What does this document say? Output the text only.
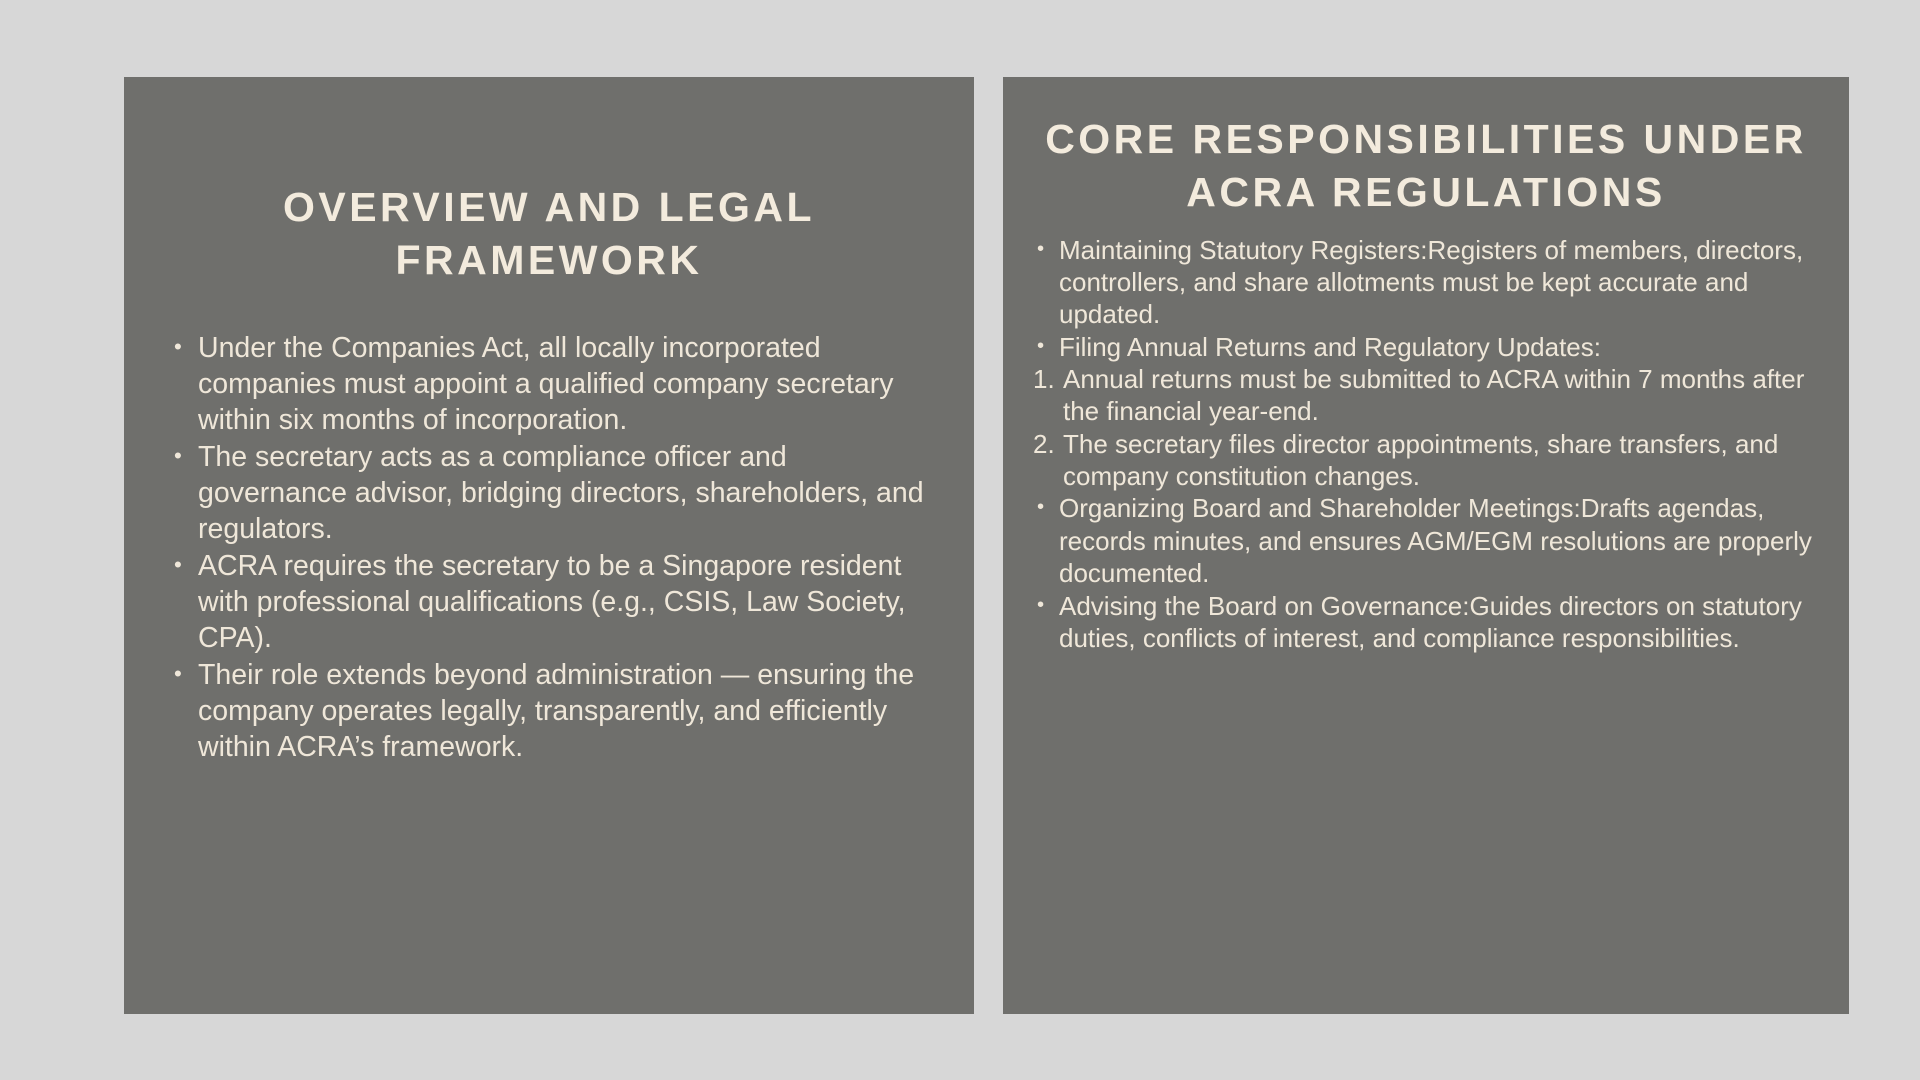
OVERVIEW AND LEGAL FRAMEWORK
• Under the Companies Act, all locally incorporated companies must appoint a qualified company secretary within six months of incorporation.
• The secretary acts as a compliance officer and governance advisor, bridging directors, shareholders, and regulators.
• ACRA requires the secretary to be a Singapore resident with professional qualifications (e.g., CSIS, Law Society, CPA).
• Their role extends beyond administration — ensuring the company operates legally, transparently, and efficiently within ACRA’s framework.
CORE RESPONSIBILITIES UNDER ACRA REGULATIONS
• Maintaining Statutory Registers:Registers of members, directors, controllers, and share allotments must be kept accurate and updated.
• Filing Annual Returns and Regulatory Updates:
1. Annual returns must be submitted to ACRA within 7 months after the financial year-end.
2. The secretary files director appointments, share transfers, and company constitution changes.
• Organizing Board and Shareholder Meetings:Drafts agendas, records minutes, and ensures AGM/EGM resolutions are properly documented.
• Advising the Board on Governance:Guides directors on statutory duties, conflicts of interest, and compliance responsibilities.
